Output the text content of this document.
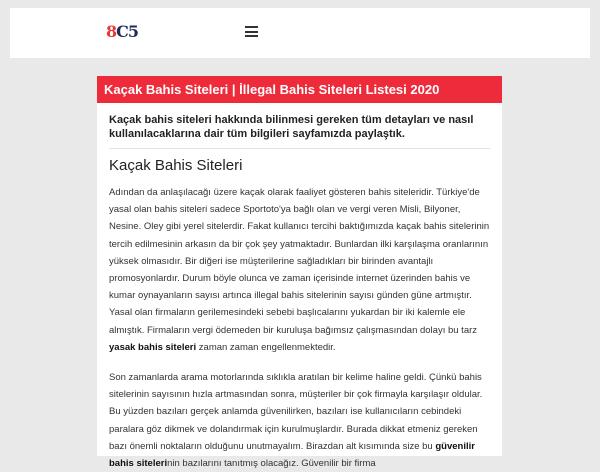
8C5
Kaçak Bahis Siteleri | İllegal Bahis Siteleri Listesi 2020
Kaçak bahis siteleri hakkında bilinmesi gereken tüm detayları ve nasıl kullanılacaklarına dair tüm bilgileri sayfamızda paylaştık.
Kaçak Bahis Siteleri

Adından da anlaşılacağı üzere kaçak olarak faaliyet gösteren bahis siteleridir. Türkiye'de yasal olan bahis siteleri sadece Sportoto'ya bağlı olan ve vergi veren Misli, Bilyoner, Nesine. Oley gibi yerel sitelerdir. Fakat kullanıcı tercihi baktığımızda kaçak bahis sitelerinin tercih edilmesinin arkasın da bir çok şey yatmaktadır. Bunlardan ilki karşılaşma oranlarının yüksek olmasıdır. Bir diğeri ise müşterilerine sağladıkları bir birinden avantajlı promosyonlardır. Durum böyle olunca ve zaman içerisinde internet üzerinden bahis ve kumar oynayanların sayısı artınca illegal bahis sitelerinin sayısı günden güne artmıştır. Yasal olan firmaların gerilemesindeki sebebi başlıcalarını yukardan bir iki kalemle ele almıştık. Firmaların vergi ödemeden bir kuruluşa bağımsız çalışmasından dolayı bu tarz yasak bahis siteleri zaman zaman engellenmektedir.

Son zamanlarda arama motorlarında sıklıkla aratılan bir kelime haline geldi. Çünkü bahis sitelerinin sayısının hızla artmasından sonra, müşteriler bir çok firmayla karşılaşır oldular. Bu yüzden bazıları gerçek anlamda güvenilirken, bazıları ise kullanıcıların cebindeki paralara göz dikmek ve dolandırmak için kurulmuşlardır. Burada dikkat etmeniz gereken bazı önemli noktaların olduğunu unutmayalım. Birazdan alt kısımında size bu güvenilir bahis sitelerinin bazılarını tanıtmış olacağız. Güvenilir bir firma
